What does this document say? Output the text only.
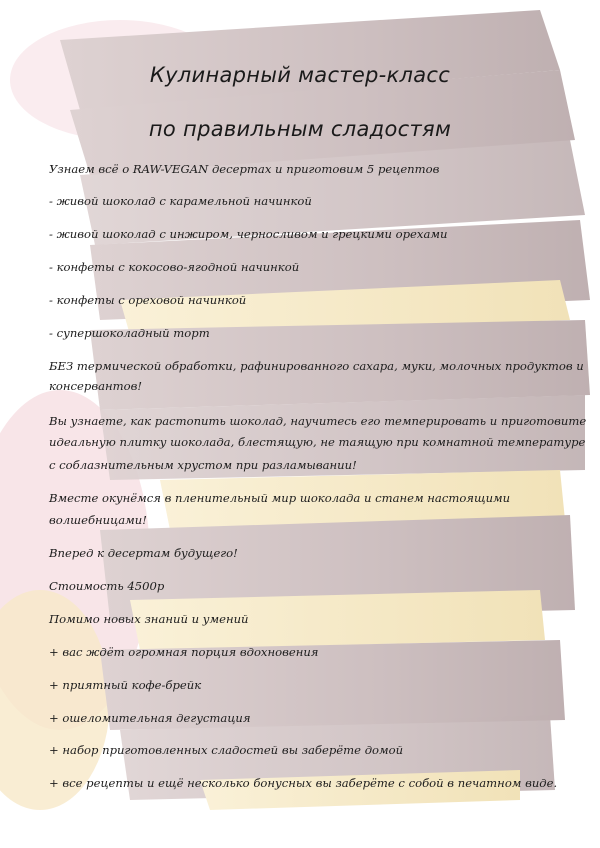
Кулинарный мастер-класс
по правильным сладостям
Узнаем всё о RAW-VEGAN десертах и приготовим 5 рецептов
- живой шоколад с карамельной начинкой
- живой шоколад с инжиром, черносливом и грецкими орехами
- конфеты с кокосово-ягодной начинкой
- конфеты с ореховой начинкой
- супершоколадный торт
БЕЗ термической обработки, рафинированного сахара, муки, молочных продуктов и
консервантов!
Вы узнаете, как растопить шоколад, научитесь его темперировать и приготовите
идеальную плитку шоколада, блестящую, не таящую при комнатной температуре
с соблазнительным хрустом при разламывании!
Вместе окунёмся в пленительный мир шоколада и станем настоящими
волшебницами!
Вперед к десертам будущего!
Стоимость 4500р
Помимо новых знаний и умений
+ вас ждёт огромная порция вдохновения
+ приятный кофе-брейк
+ ошеломительная дегустация
+ набор приготовленных сладостей вы заберёте домой
+ все рецепты и ещё несколько бонусных вы заберёте с собой в печатном виде.
